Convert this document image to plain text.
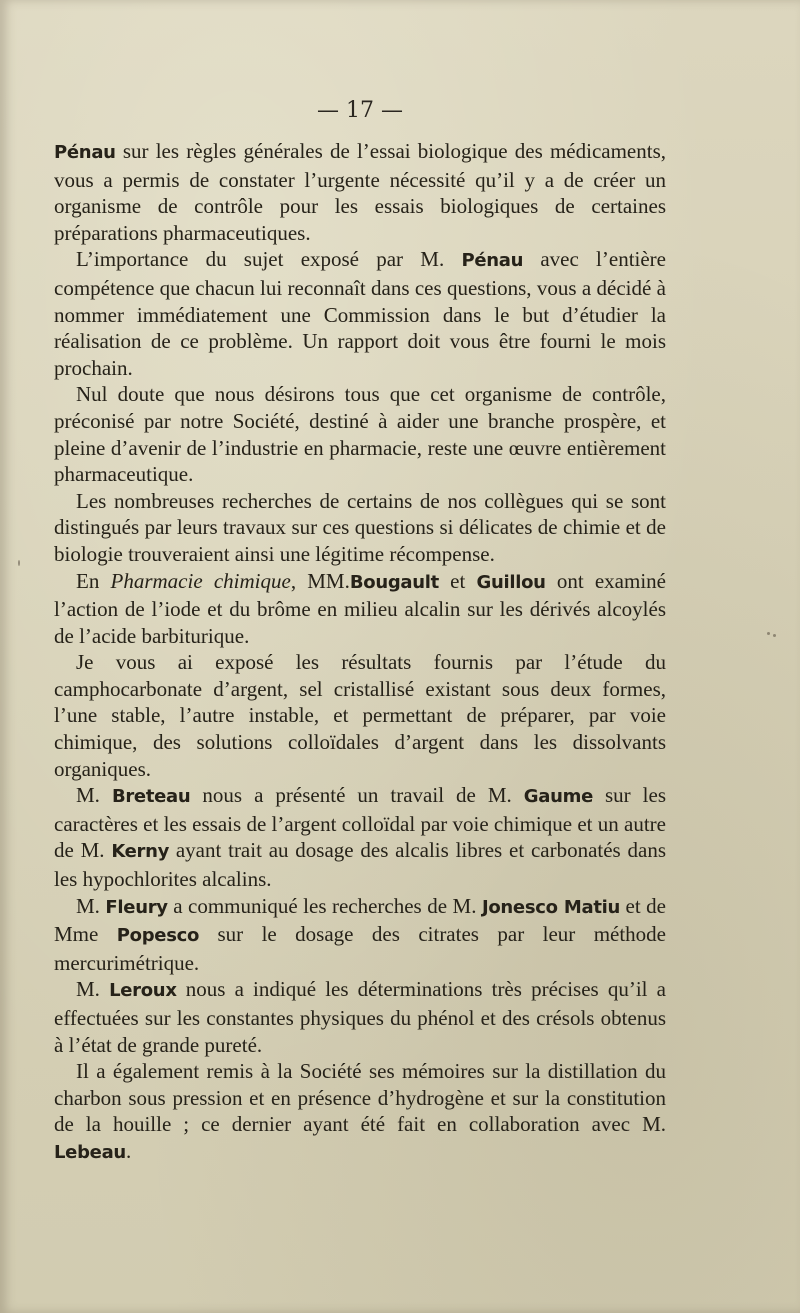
— 17 —

Pénau sur les règles générales de l’essai biologique des médicaments, vous a permis de constater l’urgente nécessité qu’il y a de créer un organisme de contrôle pour les essais biologiques de certaines préparations pharmaceutiques.

L’importance du sujet exposé par M. Pénau avec l’entière compétence que chacun lui reconnaît dans ces questions, vous a décidé à nommer immédiatement une Commission dans le but d’étudier la réalisation de ce problème. Un rapport doit vous être fourni le mois prochain.

Nul doute que nous désirons tous que cet organisme de contrôle, préconisé par notre Société, destiné à aider une branche prospère, et pleine d’avenir de l’industrie en pharmacie, reste une œuvre entièrement pharmaceutique.

Les nombreuses recherches de certains de nos collègues qui se sont distingués par leurs travaux sur ces questions si délicates de chimie et de biologie trouveraient ainsi une légitime récompense.

En Pharmacie chimique, MM.Bougault et Guillou ont examiné l’action de l’iode et du brôme en milieu alcalin sur les dérivés alcoylés de l’acide barbiturique.

Je vous ai exposé les résultats fournis par l’étude du camphocarbonate d’argent, sel cristallisé existant sous deux formes, l’une stable, l’autre instable, et permettant de préparer, par voie chimique, des solutions colloïdales d’argent dans les dissolvants organiques.

M. Breteau nous a présenté un travail de M. Gaume sur les caractères et les essais de l’argent colloïdal par voie chimique et un autre de M. Kerny ayant trait au dosage des alcalis libres et carbonatés dans les hypochlorites alcalins.

M. Fleury a communiqué les recherches de M. Jonesco Matiu et de Mme Popesco sur le dosage des citrates par leur méthode mercurimétrique.

M. Leroux nous a indiqué les déterminations très précises qu’il a effectuées sur les constantes physiques du phénol et des crésols obtenus à l’état de grande pureté.

Il a également remis à la Société ses mémoires sur la distillation du charbon sous pression et en présence d’hydrogène et sur la constitution de la houille ; ce dernier ayant été fait en collaboration avec M. Lebeau.
